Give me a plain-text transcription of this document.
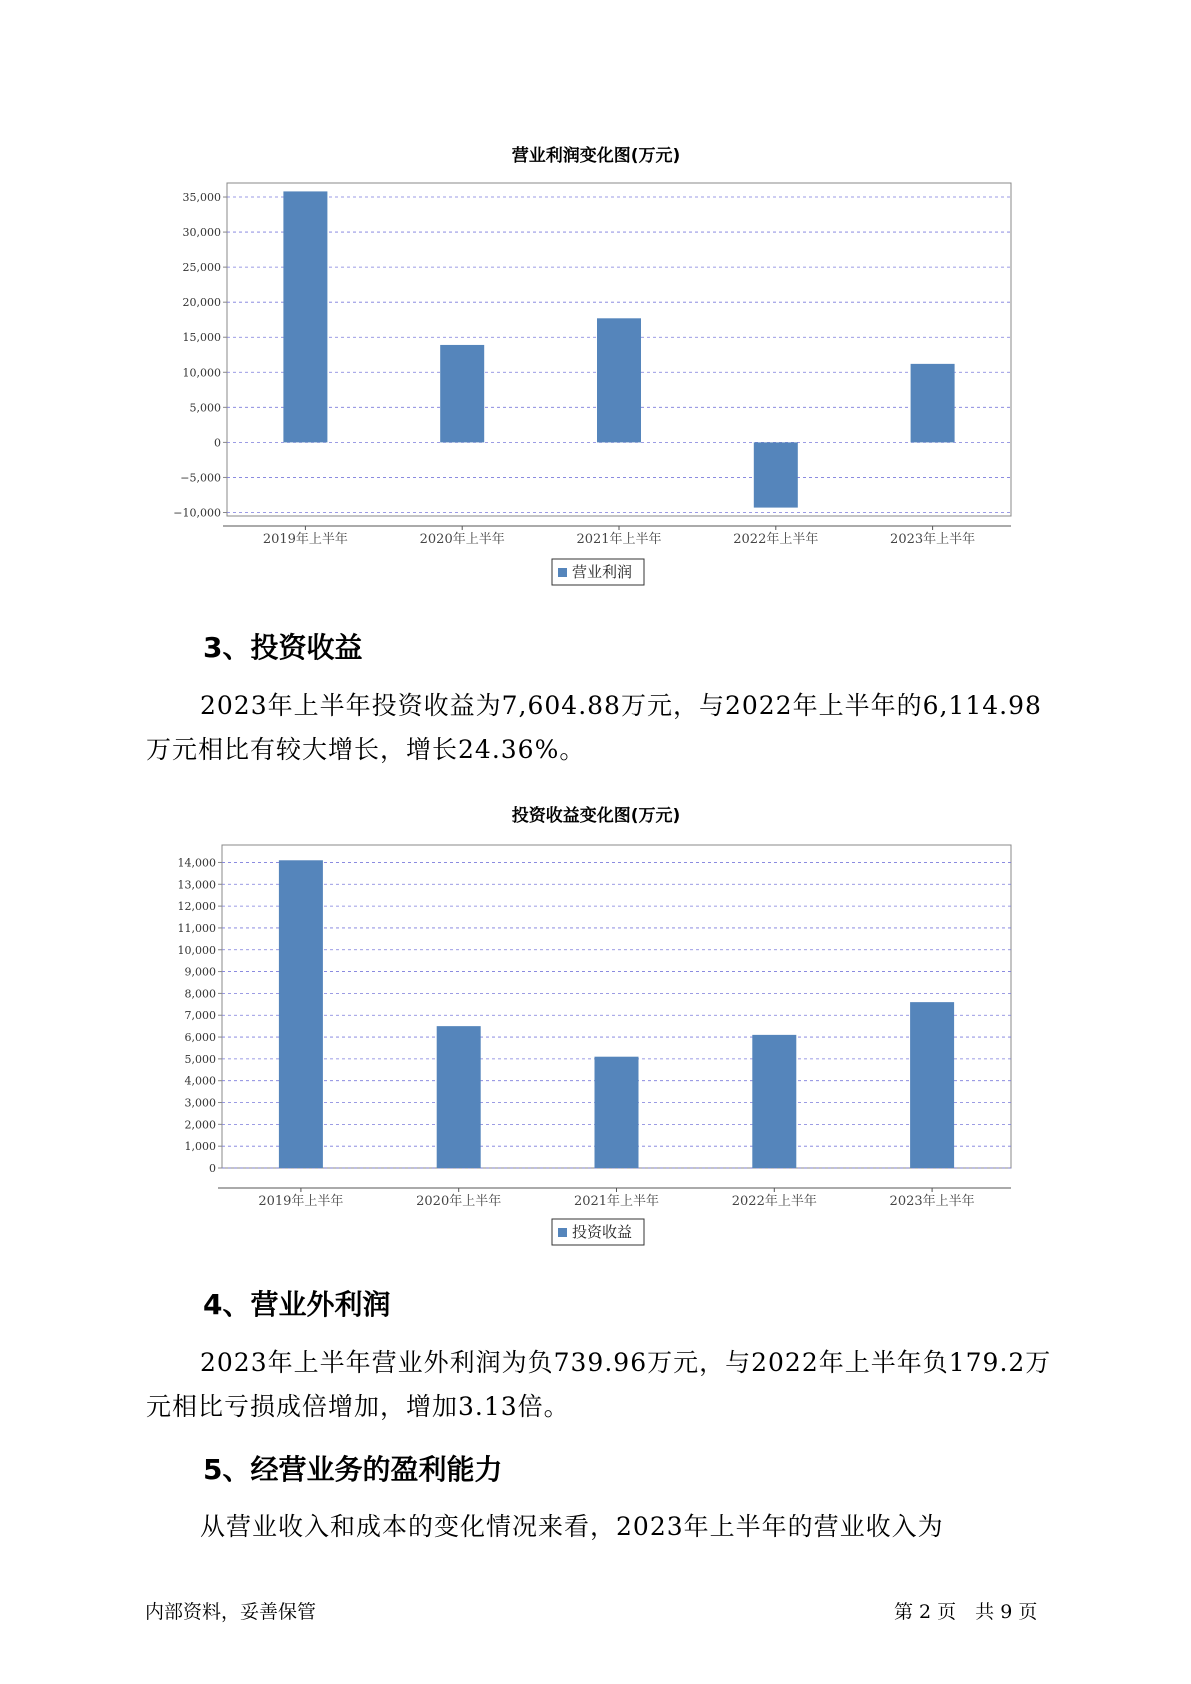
营业利润变化图(万元)
35,000
30,000
25,000
20,000
15,000
10,000
5,000
0
−5,000
−10,000
2019年上半年	2020年上半年	2021年上半年	2022年上半年	2023年上半年
营业利润
3、投资收益
2023年上半年投资收益为7,604.88万元，与2022年上半年的6,114.98
万元相比有较大增长，增长24.36%。
投资收益变化图(万元)
14,000
13,000
12,000
11,000
10,000
9,000
8,000
7,000
6,000
5,000
4,000
3,000
2,000
1,000
0
2019年上半年	2020年上半年	2021年上半年	2022年上半年	2023年上半年
投资收益
4、营业外利润
2023年上半年营业外利润为负739.96万元，与2022年上半年负179.2万
元相比亏损成倍增加，增加3.13倍。
5、经营业务的盈利能力
从营业收入和成本的变化情况来看，2023年上半年的营业收入为
内部资料，妥善保管	第 2 页　共 9 页
